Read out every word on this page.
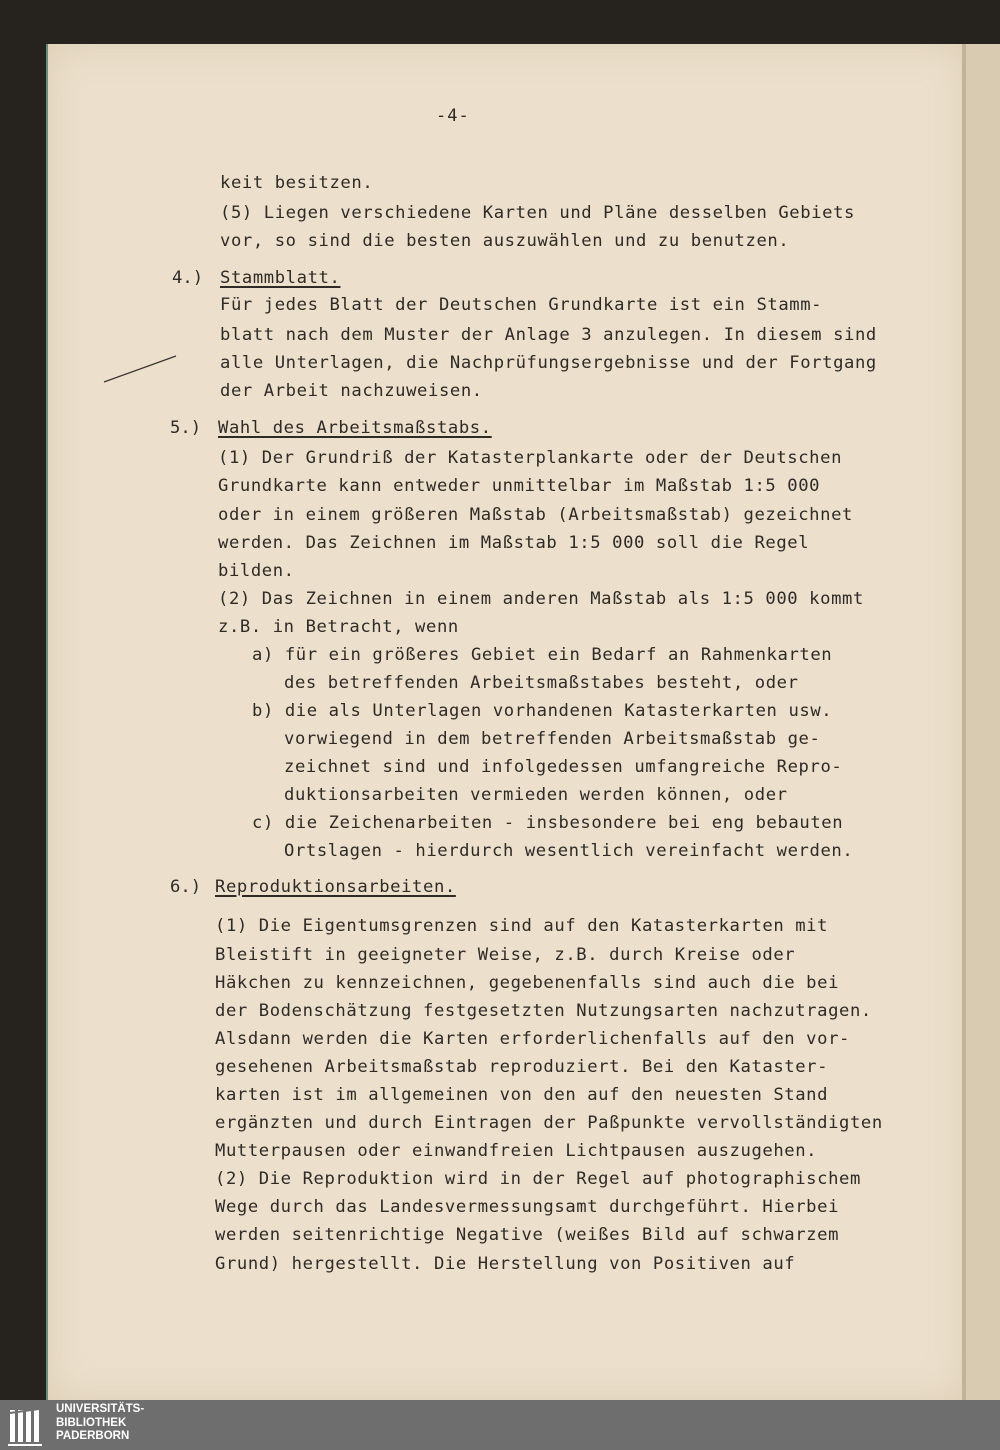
-4-
4.)
5.)
6.)
keit besitzen.
(5) Liegen verschiedene Karten und Pläne desselben Gebiets
vor, so sind die besten auszuwählen und zu benutzen.
Stammblatt.
Für jedes Blatt der Deutschen Grundkarte ist ein Stamm-
blatt nach dem Muster der Anlage 3 anzulegen. In diesem sind
alle Unterlagen, die Nachprüfungsergebnisse und der Fortgang
der Arbeit nachzuweisen.
Wahl des Arbeitsmaßstabs.
(1) Der Grundriß der Katasterplankarte oder der Deutschen
Grundkarte kann entweder unmittelbar im Maßstab 1:5 000
oder in einem größeren Maßstab (Arbeitsmaßstab) gezeichnet
werden. Das Zeichnen im Maßstab 1:5 000 soll die Regel
bilden.
(2) Das Zeichnen in einem anderen Maßstab als 1:5 000 kommt
z.B. in Betracht, wenn
a) für ein größeres Gebiet ein Bedarf an Rahmenkarten
des betreffenden Arbeitsmaßstabes besteht, oder
b) die als Unterlagen vorhandenen Katasterkarten usw.
vorwiegend in dem betreffenden Arbeitsmaßstab ge-
zeichnet sind und infolgedessen umfangreiche Repro-
duktionsarbeiten vermieden werden können, oder
c) die Zeichenarbeiten - insbesondere bei eng bebauten
Ortslagen - hierdurch wesentlich vereinfacht werden.
Reproduktionsarbeiten.
(1) Die Eigentumsgrenzen sind auf den Katasterkarten mit
Bleistift in geeigneter Weise, z.B. durch Kreise oder
Häkchen zu kennzeichnen, gegebenenfalls sind auch die bei
der Bodenschätzung festgesetzten Nutzungsarten nachzutragen.
Alsdann werden die Karten erforderlichenfalls auf den vor-
gesehenen Arbeitsmaßstab reproduziert. Bei den Kataster-
karten ist im allgemeinen von den auf den neuesten Stand
ergänzten und durch Eintragen der Paßpunkte vervollständigten
Mutterpausen oder einwandfreien Lichtpausen auszugehen.
(2) Die Reproduktion wird in der Regel auf photographischem
Wege durch das Landesvermessungsamt durchgeführt. Hierbei
werden seitenrichtige Negative (weißes Bild auf schwarzem
Grund) hergestellt. Die Herstellung von Positiven auf
UNIVERSITÄTS-
BIBLIOTHEK
PADERBORN
